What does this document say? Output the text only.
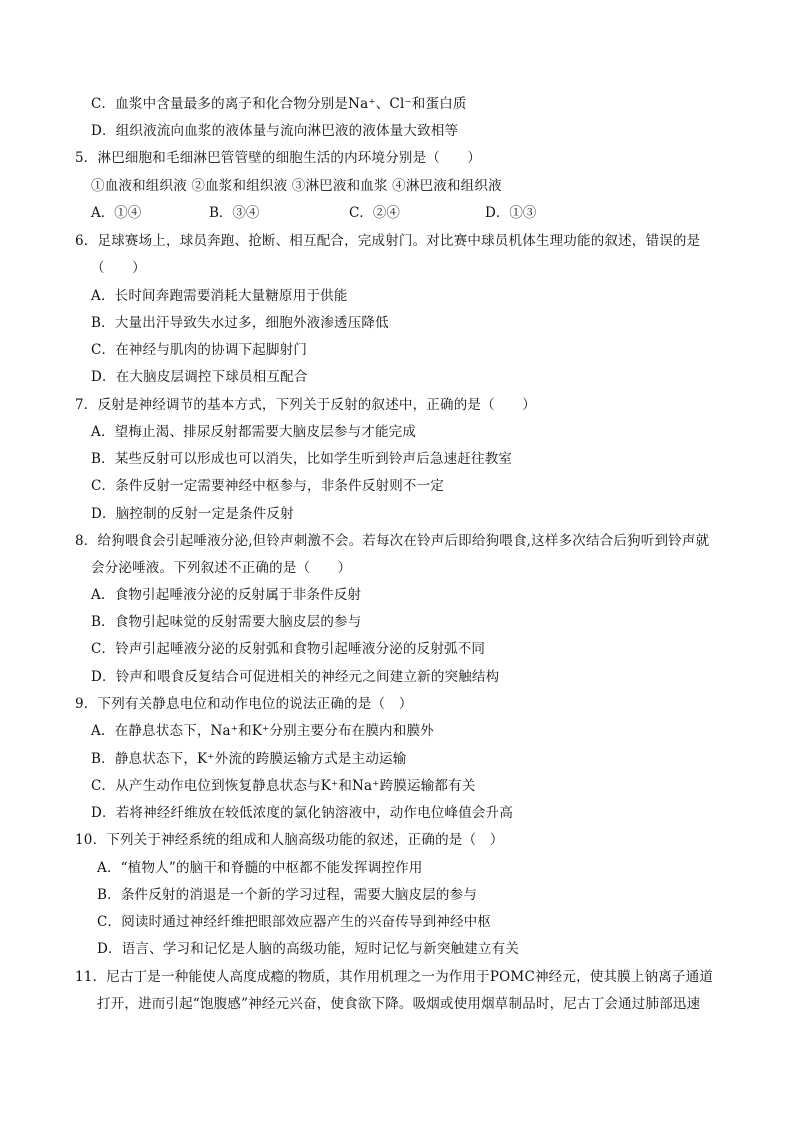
C．血浆中含量最多的离子和化合物分别是Na⁺、Cl⁻和蛋白质
D．组织液流向血浆的液体量与流向淋巴液的液体量大致相等
5．淋巴细胞和毛细淋巴管管壁的细胞生活的内环境分别是（　　）
①血液和组织液 ②血浆和组织液 ③淋巴液和血浆 ④淋巴液和组织液
A．①④	B．③④	C．②④	D．①③
6．足球赛场上，球员奔跑、抢断、相互配合，完成射门。对比赛中球员机体生理功能的叙述，错误的是
（　　）
A．长时间奔跑需要消耗大量糖原用于供能
B．大量出汗导致失水过多，细胞外液渗透压降低
C．在神经与肌肉的协调下起脚射门
D．在大脑皮层调控下球员相互配合
7．反射是神经调节的基本方式，下列关于反射的叙述中，正确的是（　　）
A．望梅止渴、排尿反射都需要大脑皮层参与才能完成
B．某些反射可以形成也可以消失，比如学生听到铃声后急速赶往教室
C．条件反射一定需要神经中枢参与，非条件反射则不一定
D．脑控制的反射一定是条件反射
8．给狗喂食会引起唾液分泌,但铃声刺激不会。若每次在铃声后即给狗喂食,这样多次结合后狗听到铃声就
会分泌唾液。下列叙述不正确的是（　　）
A．食物引起唾液分泌的反射属于非条件反射
B．食物引起味觉的反射需要大脑皮层的参与
C．铃声引起唾液分泌的反射弧和食物引起唾液分泌的反射弧不同
D．铃声和喂食反复结合可促进相关的神经元之间建立新的突触结构
9．下列有关静息电位和动作电位的说法正确的是（　）
A．在静息状态下，Na⁺和K⁺分别主要分布在膜内和膜外
B．静息状态下，K⁺外流的跨膜运输方式是主动运输
C．从产生动作电位到恢复静息状态与K⁺和Na⁺跨膜运输都有关
D．若将神经纤维放在较低浓度的氯化钠溶液中，动作电位峰值会升高
10．下列关于神经系统的组成和人脑高级功能的叙述，正确的是（　）
A．“植物人”的脑干和脊髓的中枢都不能发挥调控作用
B．条件反射的消退是一个新的学习过程，需要大脑皮层的参与
C．阅读时通过神经纤维把眼部效应器产生的兴奋传导到神经中枢
D．语言、学习和记忆是人脑的高级功能，短时记忆与新突触建立有关
11．尼古丁是一种能使人高度成瘾的物质，其作用机理之一为作用于POMC神经元，使其膜上钠离子通道
打开，进而引起“饱腹感”神经元兴奋，使食欲下降。吸烟或使用烟草制品时，尼古丁会通过肺部迅速
